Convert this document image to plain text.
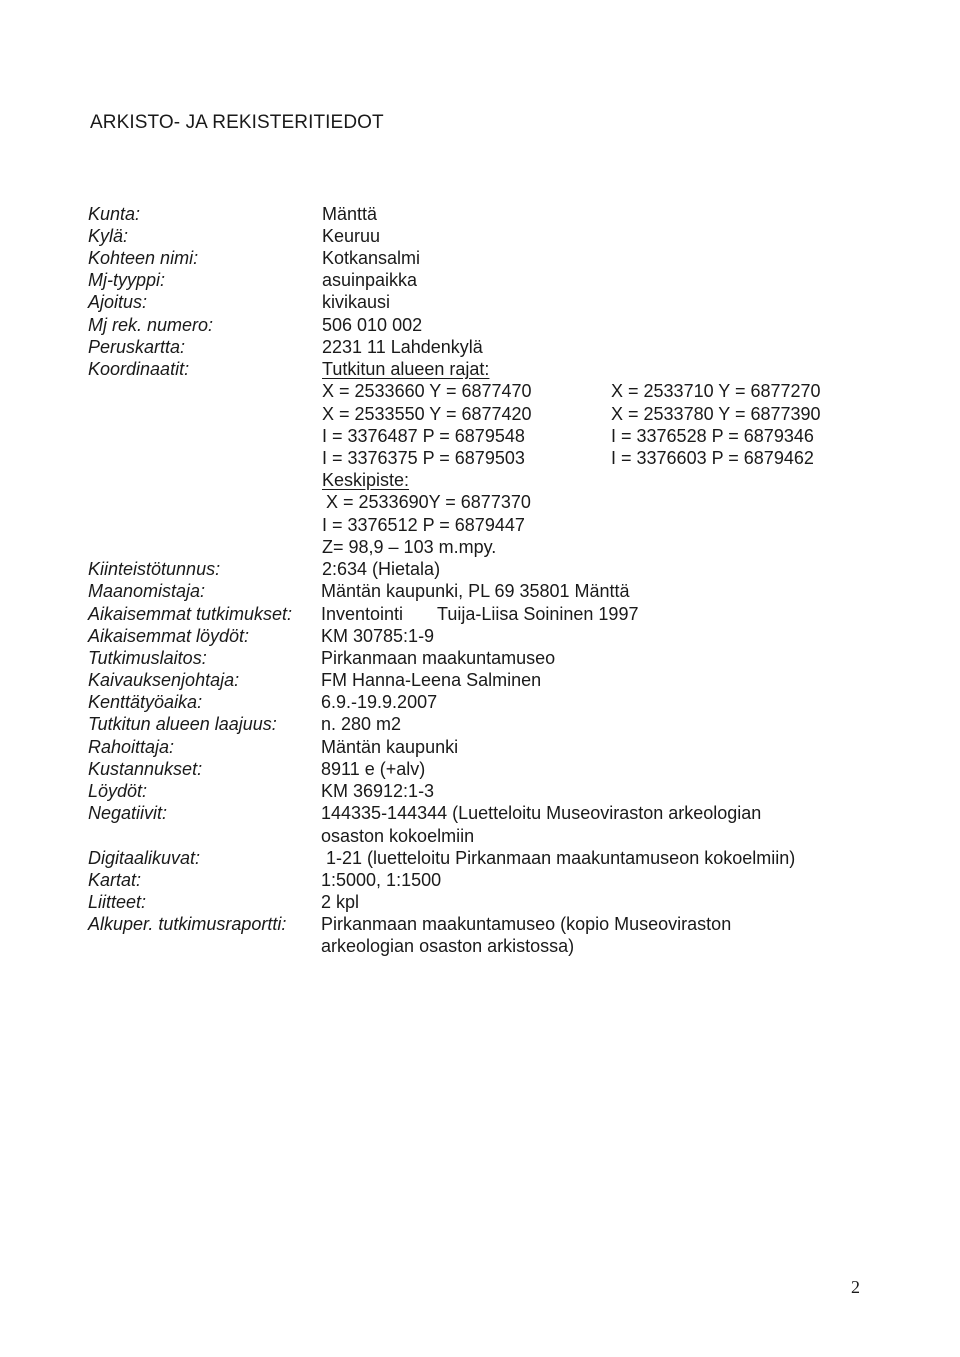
ARKISTO- JA REKISTERITIEDOT
Kunta:
Kylä:
Kohteen nimi:
Mj-tyyppi:
Ajoitus:
Mj rek. numero:
Peruskartta:
Koordinaatit:
Kiinteistötunnus:
Maanomistaja:
Aikaisemmat tutkimukset:
Aikaisemmat löydöt:
Tutkimuslaitos:
Kaivauksenjohtaja:
Kenttätyöaika:
Tutkitun alueen laajuus:
Rahoittaja:
Kustannukset:
Löydöt:
Negatiivit:
Digitaalikuvat:
Kartat:
Liitteet:
Alkuper. tutkimusraportti:
Mänttä
Keuruu
Kotkansalmi
asuinpaikka
kivikausi
506 010 002
2231 11 Lahdenkylä
Tutkitun alueen rajat:
X = 2533660 Y = 6877470
X = 2533550 Y = 6877420
I = 3376487 P = 6879548
I = 3376375 P = 6879503
X = 2533710 Y = 6877270
X = 2533780 Y = 6877390
I = 3376528 P = 6879346
I = 3376603 P = 6879462
Keskipiste:
X = 2533690Y = 6877370
I = 3376512 P = 6879447
Z= 98,9 – 103 m.mpy.
2:634 (Hietala)
Mäntän kaupunki, PL 69 35801 Mänttä
Inventointi Tuija-Liisa Soininen 1997
KM 30785:1-9
Pirkanmaan maakuntamuseo
FM Hanna-Leena Salminen
6.9.-19.9.2007
n. 280 m2
Mäntän kaupunki
8911 e (+alv)
KM 36912:1-3
144335-144344 (Luetteloitu Museoviraston arkeologian
osaston kokoelmiin
1-21 (luetteloitu Pirkanmaan maakuntamuseon kokoelmiin)
1:5000, 1:1500
2 kpl
Pirkanmaan maakuntamuseo (kopio Museoviraston
arkeologian osaston arkistossa)
2
